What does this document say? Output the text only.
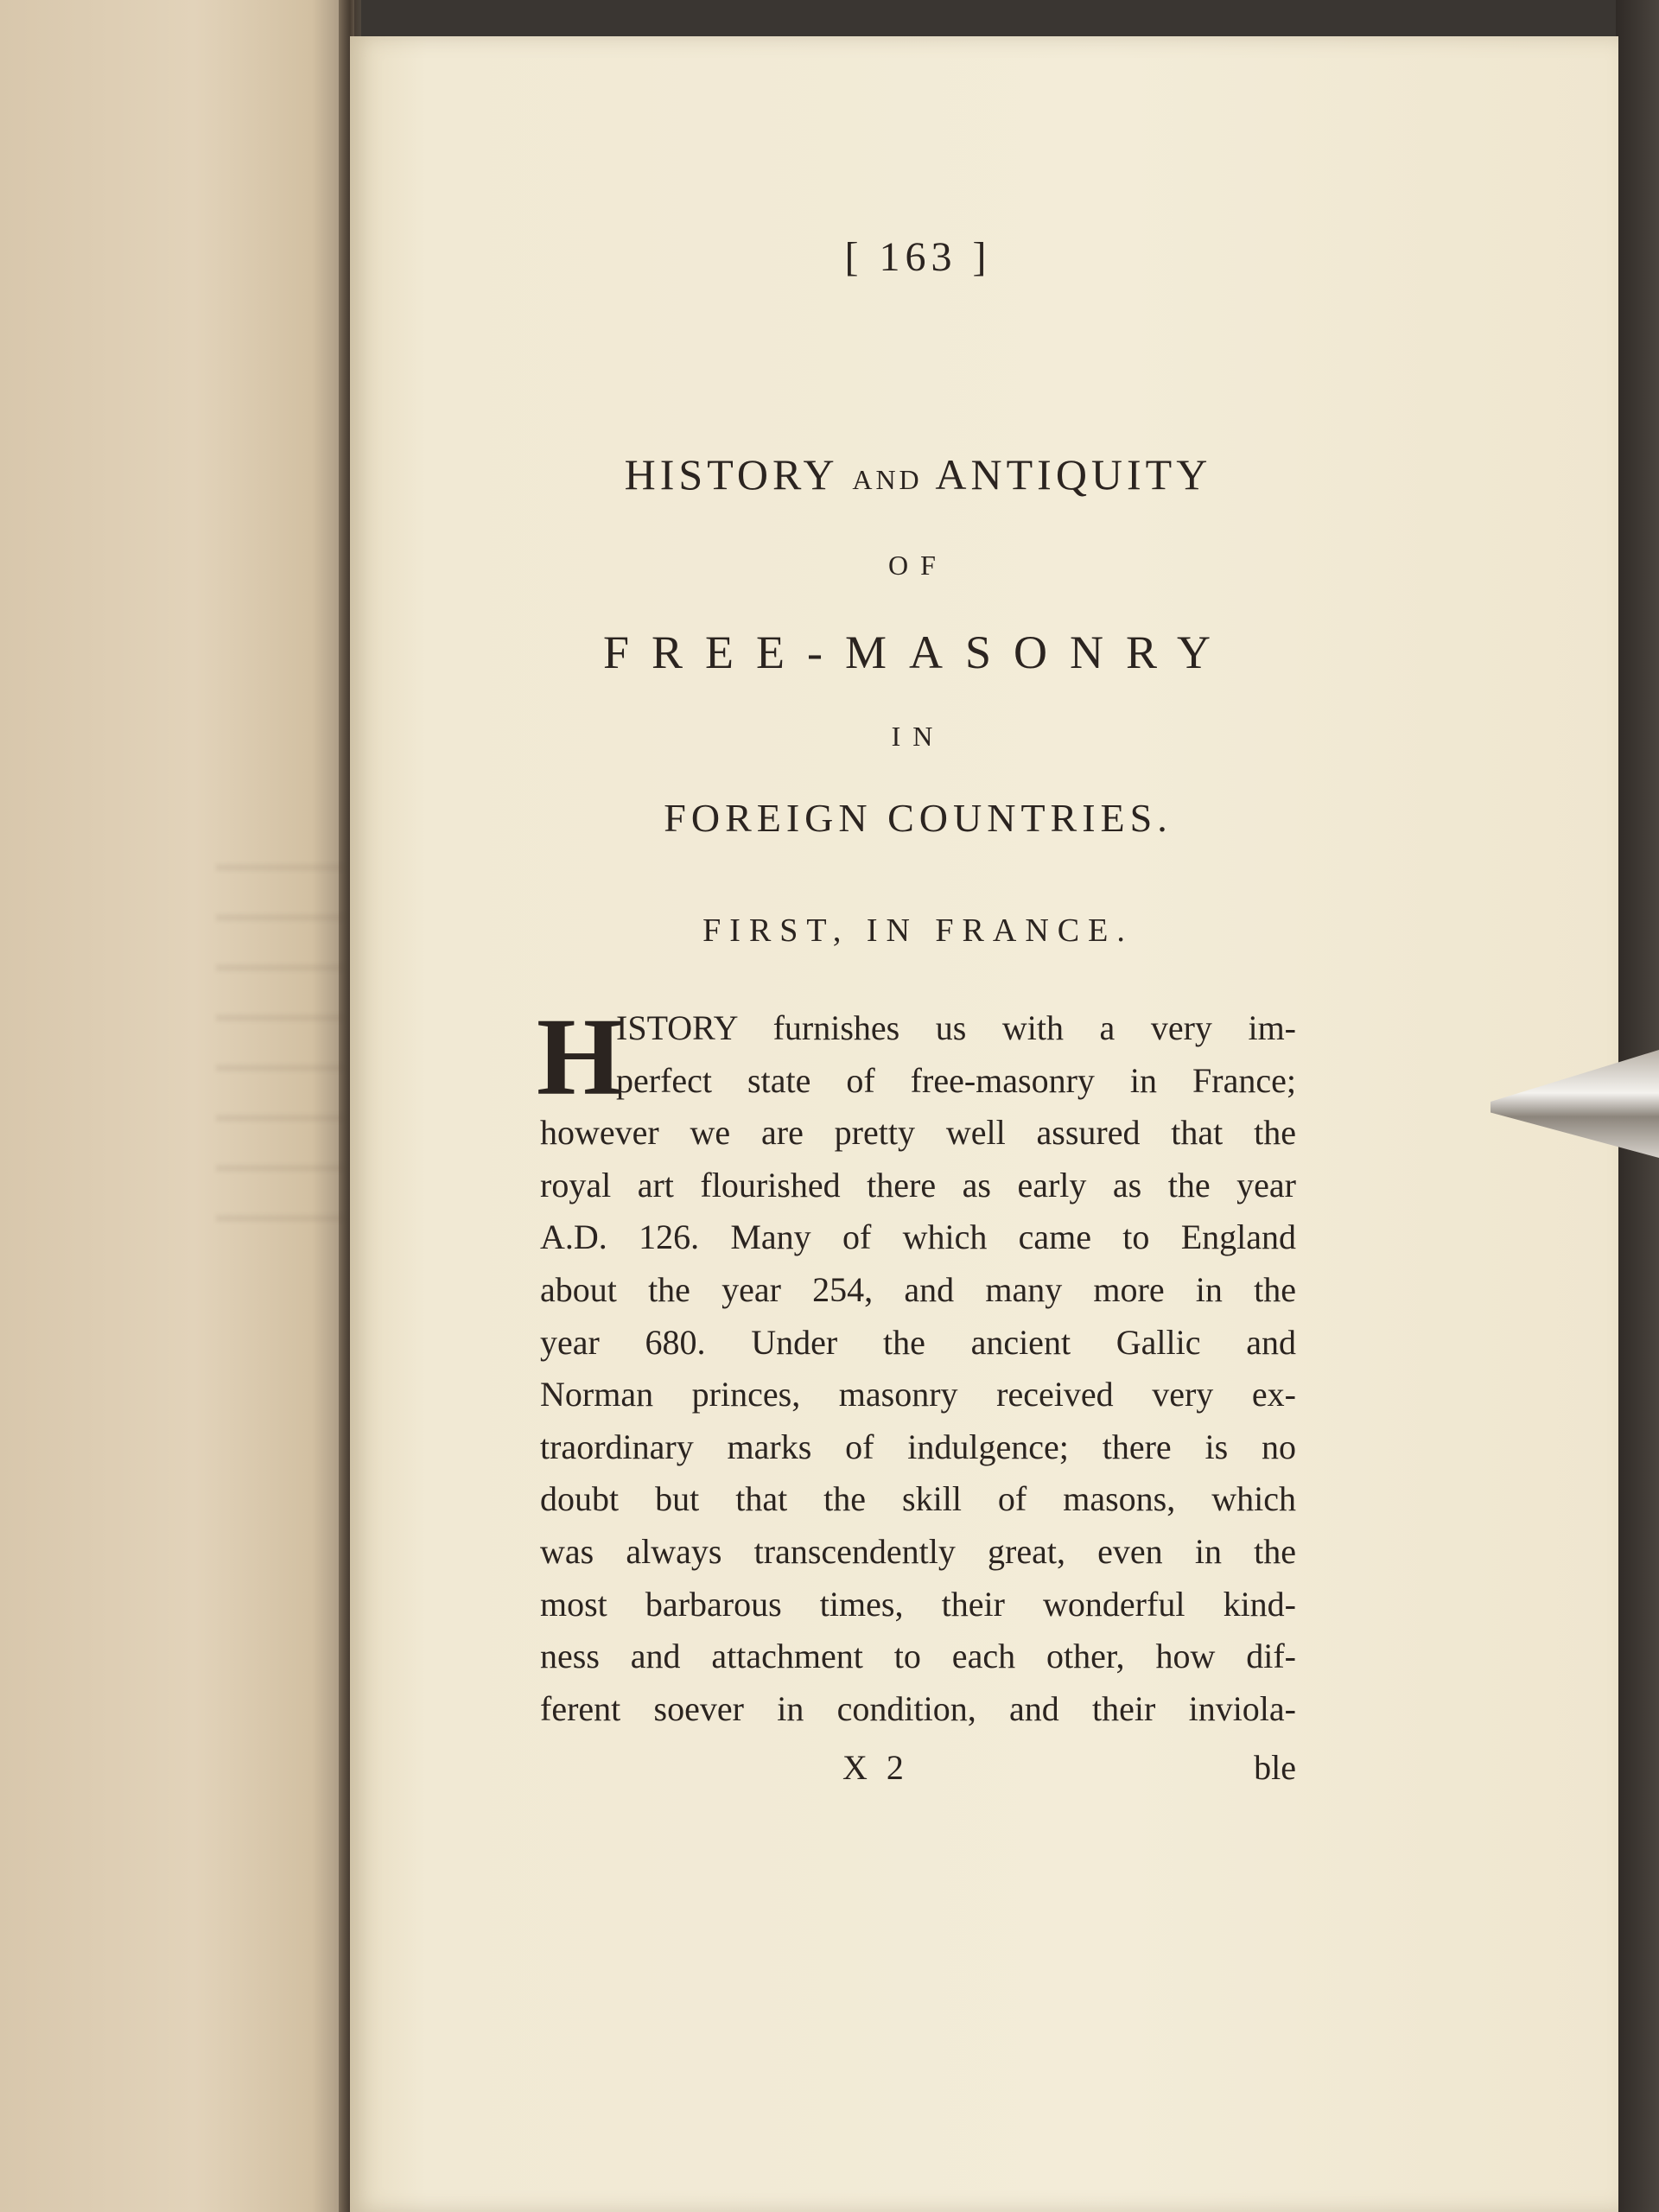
[ 163 ]
HISTORY AND ANTIQUITY
OF
FREE-MASONRY
IN
FOREIGN COUNTRIES.
FIRST, IN FRANCE.
H
ISTORY furnishes us with a very im-
perfect state of free-masonry in France;
however we are pretty well assured that the
royal art flourished there as early as the year
A.D. 126. Many of which came to England
about the year 254, and many more in the
year 680. Under the ancient Gallic and
Norman princes, masonry received very ex-
traordinary marks of indulgence; there is no
doubt but that the skill of masons, which
was always transcendently great, even in the
most barbarous times, their wonderful kind-
ness and attachment to each other, how dif-
ferent soever in condition, and their inviola-
X 2	ble
